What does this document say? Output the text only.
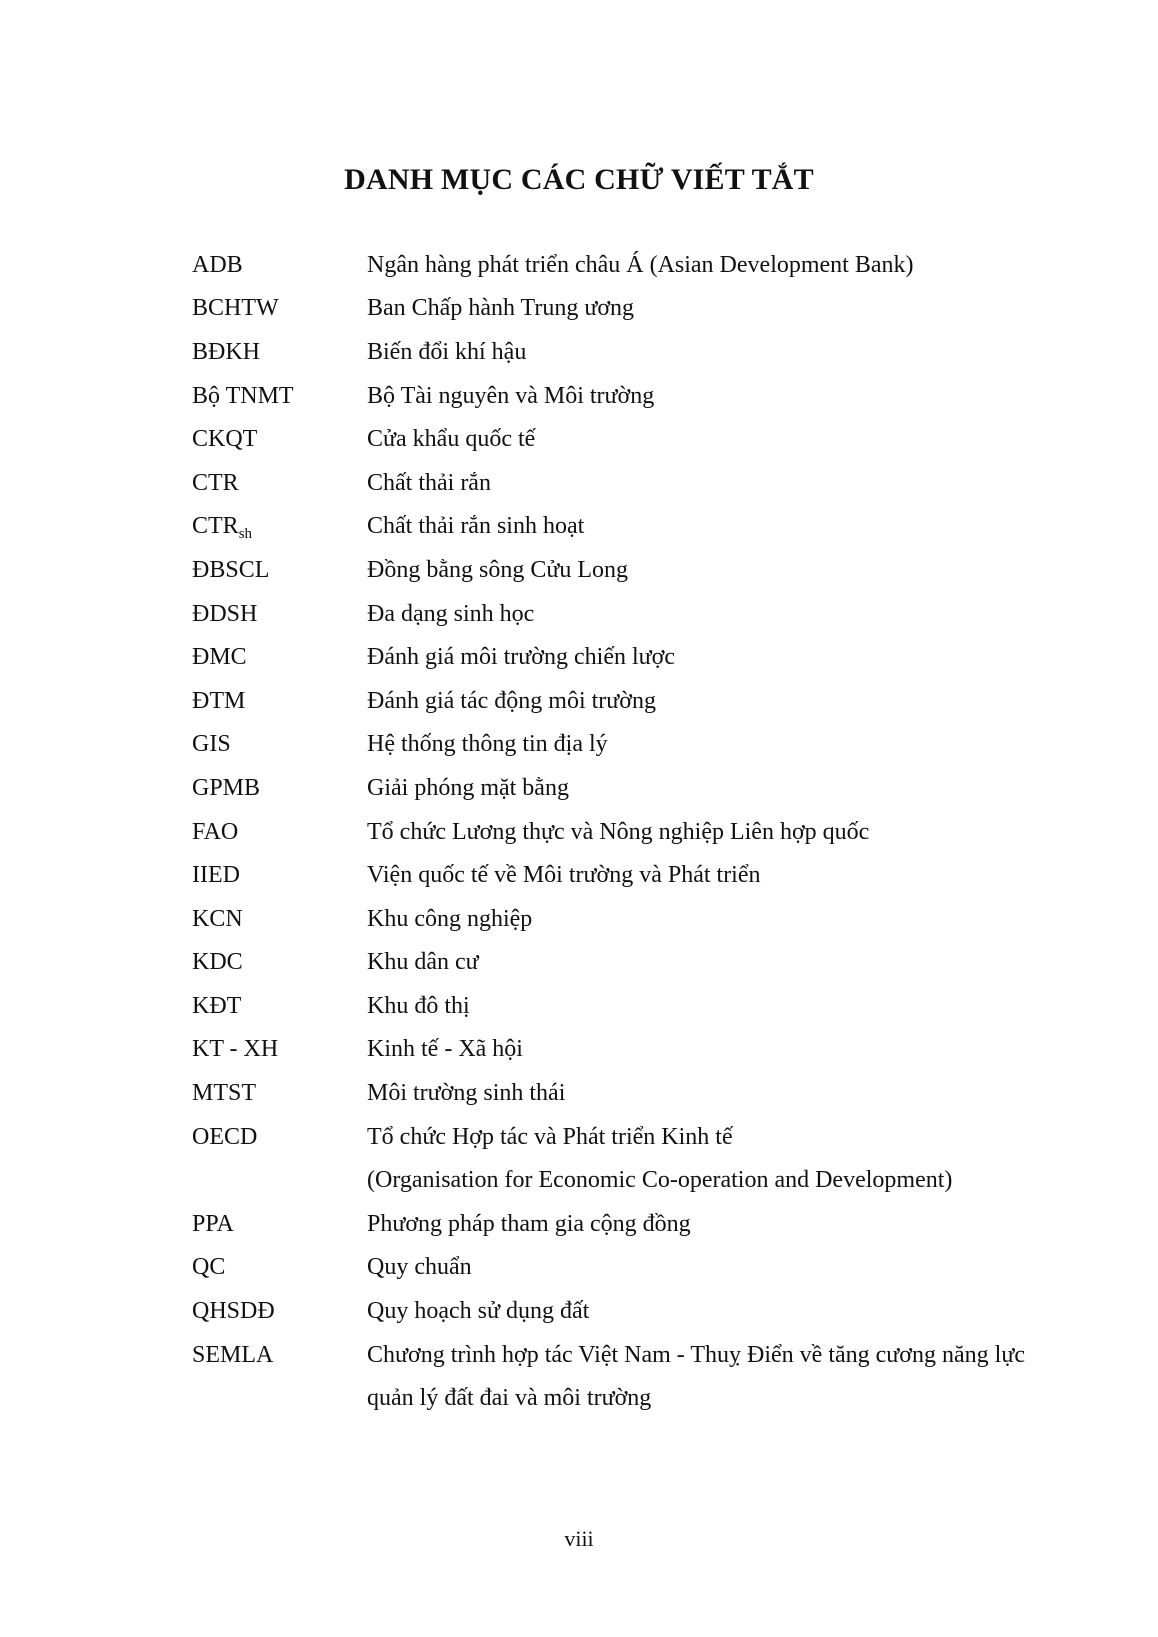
DANH MỤC CÁC CHỮ VIẾT TẮT
ADB	Ngân hàng phát triển châu Á (Asian Development Bank)
BCHTW	Ban Chấp hành Trung ương
BĐKH	Biến đổi khí hậu
Bộ TNMT	Bộ Tài nguyên và Môi trường
CKQT	Cửa khẩu quốc tế
CTR	Chất thải rắn
$CTR_{sh}$	Chất thải rắn sinh hoạt
ĐBSCL	Đồng bằng sông Cửu Long
ĐDSH	Đa dạng sinh học
ĐMC	Đánh giá môi trường chiến lược
ĐTM	Đánh giá tác động môi trường
GIS	Hệ thống thông tin địa lý
GPMB	Giải phóng mặt bằng
FAO	Tổ chức Lương thực và Nông nghiệp Liên hợp quốc
IIED	Viện quốc tế về Môi trường và Phát triển
KCN	Khu công nghiệp
KDC	Khu dân cư
KĐT	Khu đô thị
KT - XH	Kinh tế - Xã hội
MTST	Môi trường sinh thái
OECD	Tổ chức Hợp tác và Phát triển Kinh tế
(Organisation for Economic Co-operation and Development)
PPA	Phương pháp tham gia cộng đồng
QC	Quy chuẩn
QHSDĐ	Quy hoạch sử dụng đất
SEMLA	Chương trình hợp tác Việt Nam - Thuỵ Điển về tăng cương năng lực
quản lý đất đai và môi trường
viii
